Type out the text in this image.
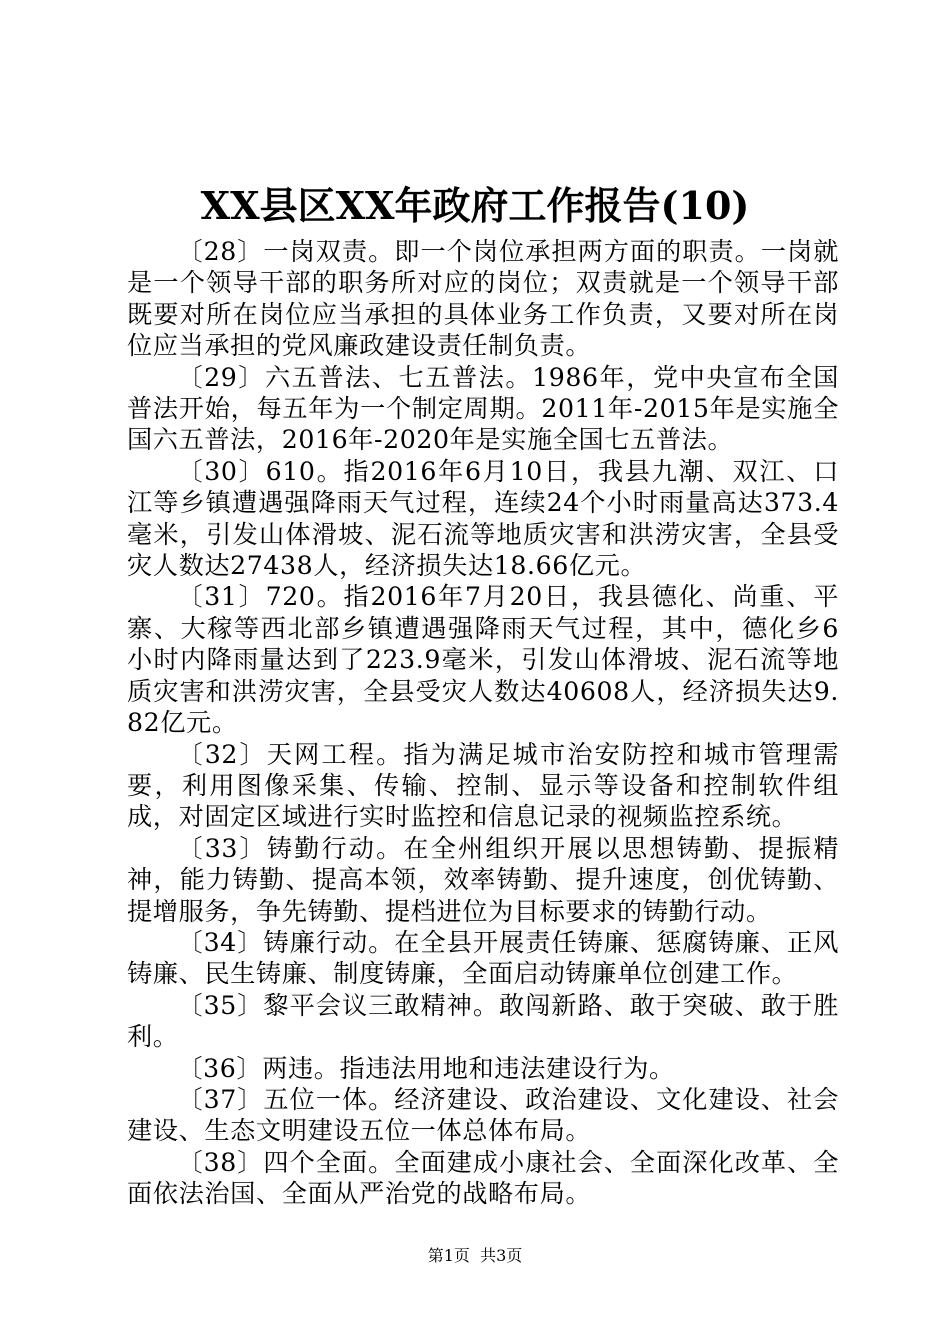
XX县区XX年政府工作报告(10)

〔28〕一岗双责。即一个岗位承担两方面的职责。一岗就是一个领导干部的职务所对应的岗位；双责就是一个领导干部既要对所在岗位应当承担的具体业务工作负责，又要对所在岗位应当承担的党风廉政建设责任制负责。

〔29〕六五普法、七五普法。1986年，党中央宣布全国普法开始，每五年为一个制定周期。2011年-2015年是实施全国六五普法，2016年-2020年是实施全国七五普法。

〔30〕610。指2016年6月10日，我县九潮、双江、口江等乡镇遭遇强降雨天气过程，连续24个小时雨量高达373.4毫米，引发山体滑坡、泥石流等地质灾害和洪涝灾害，全县受灾人数达27438人，经济损失达18.66亿元。

〔31〕720。指2016年7月20日，我县德化、尚重、平寨、大稼等西北部乡镇遭遇强降雨天气过程，其中，德化乡6小时内降雨量达到了223.9毫米，引发山体滑坡、泥石流等地质灾害和洪涝灾害，全县受灾人数达40608人，经济损失达9.82亿元。

〔32〕天网工程。指为满足城市治安防控和城市管理需要，利用图像采集、传输、控制、显示等设备和控制软件组成，对固定区域进行实时监控和信息记录的视频监控系统。

〔33〕铸勤行动。在全州组织开展以思想铸勤、提振精神，能力铸勤、提高本领，效率铸勤、提升速度，创优铸勤、提增服务，争先铸勤、提档进位为目标要求的铸勤行动。

〔34〕铸廉行动。在全县开展责任铸廉、惩腐铸廉、正风铸廉、民生铸廉、制度铸廉，全面启动铸廉单位创建工作。

〔35〕黎平会议三敢精神。敢闯新路、敢于突破、敢于胜利。

〔36〕两违。指违法用地和违法建设行为。

〔37〕五位一体。经济建设、政治建设、文化建设、社会建设、生态文明建设五位一体总体布局。

〔38〕四个全面。全面建成小康社会、全面深化改革、全面依法治国、全面从严治党的战略布局。

第1页  共3页
